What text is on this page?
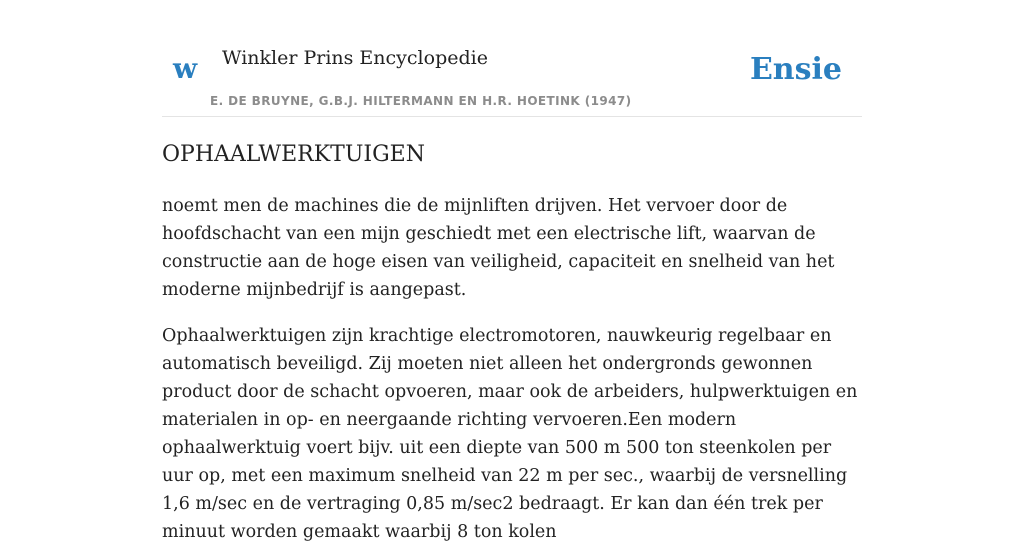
w Winkler Prins Encyclopedie
E. DE BRUYNE, G.B.J. HILTERMANN EN H.R. HOETINK (1947)
Ensie
OPHAALWERKTUIGEN

noemt men de machines die de mijnliften drijven. Het vervoer door de hoofdschacht van een mijn geschiedt met een electrische lift, waarvan de constructie aan de hoge eisen van veiligheid, capaciteit en snelheid van het moderne mijnbedrijf is aangepast.

Ophaalwerktuigen zijn krachtige electromotoren, nauwkeurig regelbaar en automatisch beveiligd. Zij moeten niet alleen het ondergronds gewonnen product door de schacht opvoeren, maar ook de arbeiders, hulpwerktuigen en materialen in op- en neergaande richting vervoeren.Een modern ophaalwerktuig voert bijv. uit een diepte van 500 m 500 ton steenkolen per uur op, met een maximum snelheid van 22 m per sec., waarbij de versnelling 1,6 m/sec en de vertraging 0,85 m/sec2 bedraagt. Er kan dan één trek per minuut worden gemaakt waarbij 8 ton kolen
